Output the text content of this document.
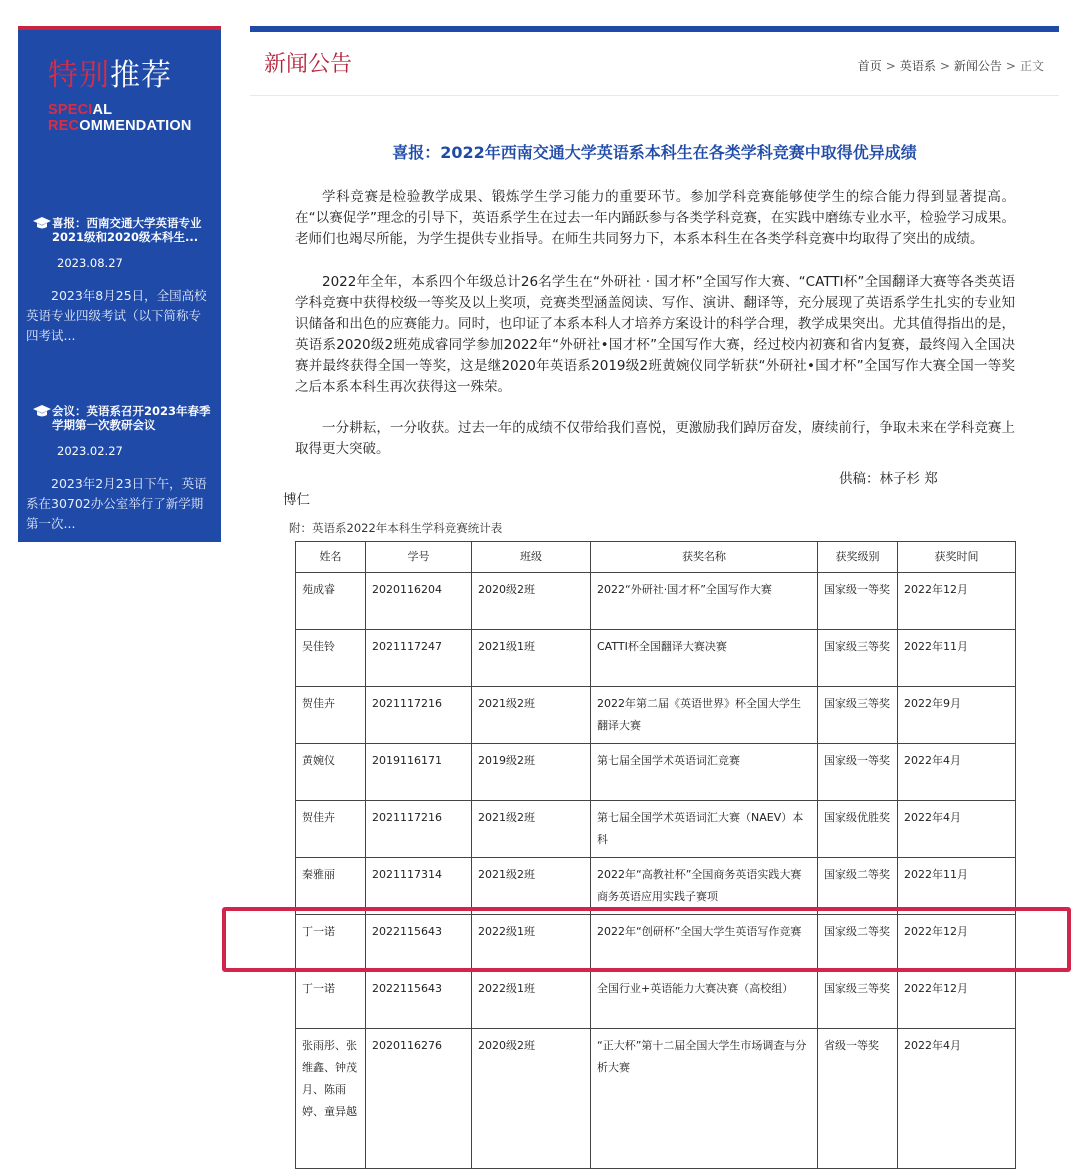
特别推荐
SPECIAL
RECOMMENDATION
喜报：西南交通大学英语专业2021级和2020级本科生...
2023.08.27
2023年8月25日，全国高校英语专业四级考试（以下简称专四考试...
会议：英语系召开2023年春季学期第一次教研会议
2023.02.27
2023年2月23日下午，英语系在30702办公室举行了新学期第一次...
新闻公告	首页 > 英语系 > 新闻公告 > 正文
喜报：2022年西南交通大学英语系本科生在各类学科竞赛中取得优异成绩
学科竞赛是检验教学成果、锻炼学生学习能力的重要环节。参加学科竞赛能够使学生的综合能力得到显著提高。在“以赛促学”理念的引导下，英语系学生在过去一年内踊跃参与各类学科竞赛，在实践中磨练专业水平，检验学习成果。老师们也竭尽所能，为学生提供专业指导。在师生共同努力下，本系本科生在各类学科竞赛中均取得了突出的成绩。
2022年全年，本系四个年级总计26名学生在“外研社 · 国才杯”全国写作大赛、“CATTI杯”全国翻译大赛等各类英语学科竞赛中获得校级一等奖及以上奖项，竞赛类型涵盖阅读、写作、演讲、翻译等，充分展现了英语系学生扎实的专业知识储备和出色的应赛能力。同时，也印证了本系本科人才培养方案设计的科学合理，教学成果突出。尤其值得指出的是，英语系2020级2班苑成睿同学参加2022年“外研社•国才杯”全国写作大赛，经过校内初赛和省内复赛，最终闯入全国决赛并最终获得全国一等奖，这是继2020年英语系2019级2班黄婉仪同学斩获“外研社•国才杯”全国写作大赛全国一等奖之后本系本科生再次获得这一殊荣。
一分耕耘，一分收获。过去一年的成绩不仅带给我们喜悦，更激励我们踔厉奋发，赓续前行，争取未来在学科竞赛上取得更大突破。
供稿：林子杉 郑
博仁
附：英语系2022年本科生学科竞赛统计表
姓名	学号	班级	获奖名称	获奖级别	获奖时间
苑成睿	2020116204	2020级2班	2022“外研社·国才杯”全国写作大赛	国家级一等奖	2022年12月
吴佳铃	2021117247	2021级1班	CATTI杯全国翻译大赛决赛	国家级三等奖	2022年11月
贺佳卉	2021117216	2021级2班	2022年第二届《英语世界》杯全国大学生翻译大赛	国家级三等奖	2022年9月
黄婉仪	2019116171	2019级2班	第七届全国学术英语词汇竞赛	国家级一等奖	2022年4月
贺佳卉	2021117216	2021级2班	第七届全国学术英语词汇大赛（NAEV）本科	国家级优胜奖	2022年4月
秦雅丽	2021117314	2021级2班	2022年“高教社杯”全国商务英语实践大赛 商务英语应用实践子赛项	国家级二等奖	2022年11月
丁一诺	2022115643	2022级1班	2022年“创研杯”全国大学生英语写作竞赛	国家级二等奖	2022年12月
丁一诺	2022115643	2022级1班	全国行业+英语能力大赛决赛（高校组）	国家级三等奖	2022年12月
张雨彤、张维鑫、钟茂月、陈雨婷、童异越	2020116276	2020级2班	“正大杯”第十二届全国大学生市场调查与分析大赛	省级一等奖	2022年4月
